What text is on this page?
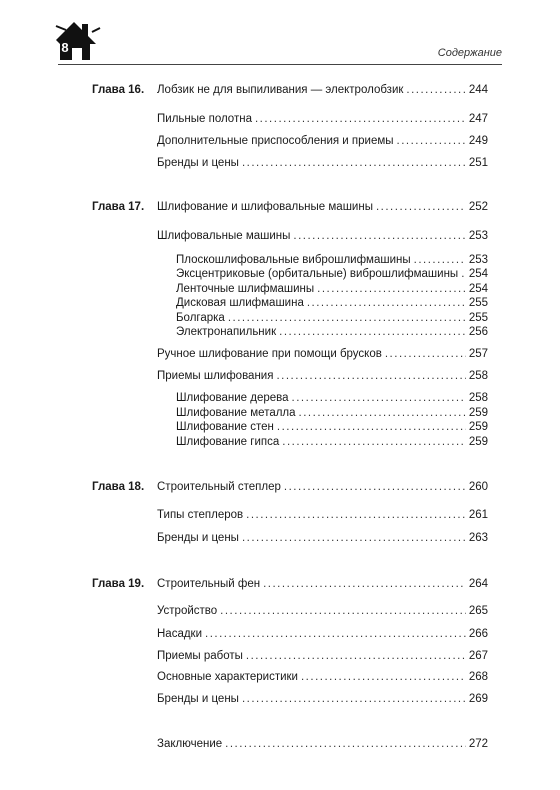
8	Содержание
Глава 16. Лобзик не для выпиливания — электролобзик .....	244
Пильные полотна .....	247
Дополнительные приспособления и приемы .....	249
Бренды и цены .....	251
Глава 17. Шлифование и шлифовальные машины .....	252
Шлифовальные машины .....	253
Плоскошлифовальные виброшлифмашины .....	253
Эксцентриковые (орбитальные) виброшлифмашины ..... 254
Ленточные шлифмашины .....	254
Дисковая шлифмашина .....	255
Болгарка .....	255
Электронапильник .....	256
Ручное шлифование при помощи брусков .....	257
Приемы шлифования .....	258
Шлифование дерева .....	258
Шлифование металла .....	259
Шлифование стен .....	259
Шлифование гипса .....	259
Глава 18. Строительный степлер .....	260
Типы степлеров .....	261
Бренды и цены .....	263
Глава 19. Строительный фен .....	264
Устройство .....	265
Насадки .....	266
Приемы работы .....	267
Основные характеристики .....	268
Бренды и цены .....	269
Заключение .....	272
